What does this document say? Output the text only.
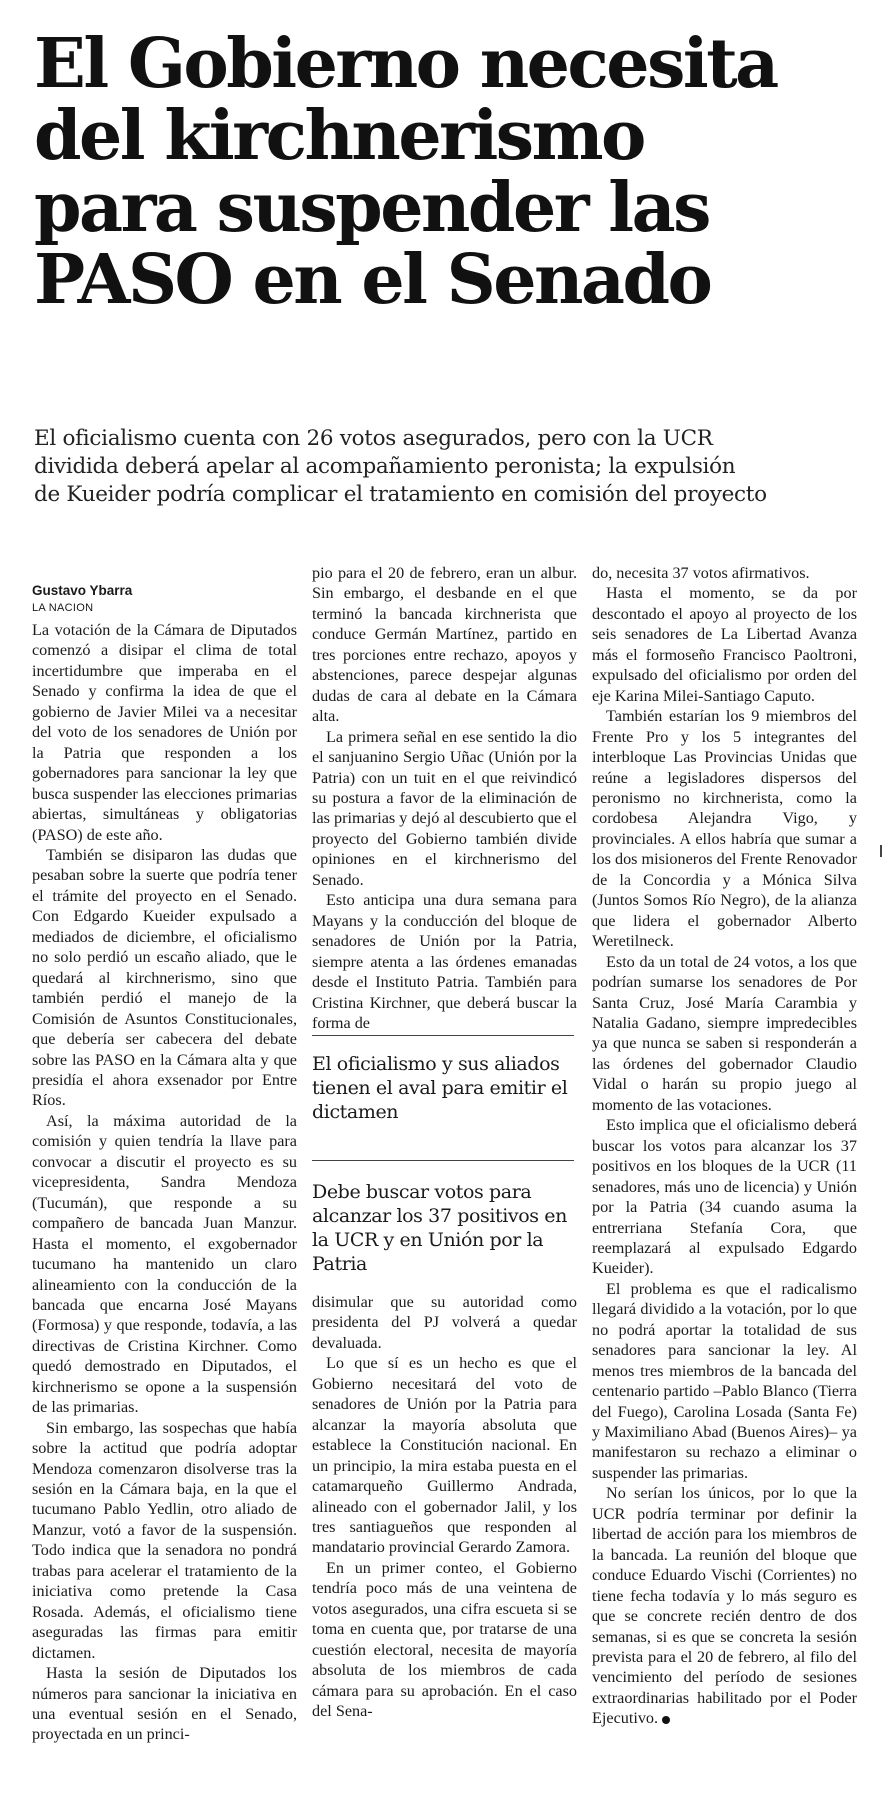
El Gobierno necesita
del kirchnerismo
para suspender las
PASO en el Senado
El oficialismo cuenta con 26 votos asegurados, pero con la UCR
dividida deberá apelar al acompañamiento peronista; la expulsión
de Kueider podría complicar el tratamiento en comisión del proyecto

Gustavo Ybarra

LA NACION

La votación de la Cámara de Diputados comenzó a disipar el clima de total incertidumbre que imperaba en el Senado y confirma la idea de que el gobierno de Javier Milei va a necesitar del voto de los senadores de Unión por la Patria que responden a los gobernadores para sancionar la ley que busca suspender las elecciones primarias abiertas, simultáneas y obligatorias (PASO) de este año.

También se disiparon las dudas que pesaban sobre la suerte que podría tener el trámite del proyecto en el Senado. Con Edgardo Kueider expulsado a mediados de diciembre, el oficialismo no solo perdió un escaño aliado, que le quedará al kirchnerismo, sino que también perdió el manejo de la Comisión de Asuntos Constitucionales, que debería ser cabecera del debate sobre las PASO en la Cámara alta y que presidía el ahora exsenador por Entre Ríos.

Así, la máxima autoridad de la comisión y quien tendría la llave para convocar a discutir el proyecto es su vicepresidenta, Sandra Mendoza (Tucumán), que responde a su compañero de bancada Juan Manzur. Hasta el momento, el exgobernador tucumano ha mantenido un claro alineamiento con la conducción de la bancada que encarna José Mayans (Formosa) y que responde, todavía, a las directivas de Cristina Kirchner. Como quedó demostrado en Diputados, el kirchnerismo se opone a la suspensión de las primarias.

Sin embargo, las sospechas que había sobre la actitud que podría adoptar Mendoza comenzaron disolverse tras la sesión en la Cámara baja, en la que el tucumano Pablo Yedlin, otro aliado de Manzur, votó a favor de la suspensión. Todo indica que la senadora no pondrá trabas para acelerar el tratamiento de la iniciativa como pretende la Casa Rosada. Además, el oficialismo tiene aseguradas las firmas para emitir dictamen.

Hasta la sesión de Diputados los números para sancionar la iniciativa en una eventual sesión en el Senado, proyectada en un princi-

pio para el 20 de febrero, eran un albur. Sin embargo, el desbande en el que terminó la bancada kirchnerista que conduce Germán Martínez, partido en tres porciones entre rechazo, apoyos y abstenciones, parece despejar algunas dudas de cara al debate en la Cámara alta.

La primera señal en ese sentido la dio el sanjuanino Sergio Uñac (Unión por la Patria) con un tuit en el que reivindicó su postura a favor de la eliminación de las primarias y dejó al descubierto que el proyecto del Gobierno también divide opiniones en el kirchnerismo del Senado.

Esto anticipa una dura semana para Mayans y la conducción del bloque de senadores de Unión por la Patria, siempre atenta a las órdenes emanadas desde el Instituto Patria. También para Cristina Kirchner, que deberá buscar la forma de

El oficialismo y sus aliados tienen el aval para emitir el dictamen
Debe buscar votos para alcanzar los 37 positivos en la UCR y en Unión por la Patria

disimular que su autoridad como presidenta del PJ volverá a quedar devaluada.

Lo que sí es un hecho es que el Gobierno necesitará del voto de senadores de Unión por la Patria para alcanzar la mayoría absoluta que establece la Constitución nacional. En un principio, la mira estaba puesta en el catamarqueño Guillermo Andrada, alineado con el gobernador Jalil, y los tres santiagueños que responden al mandatario provincial Gerardo Zamora.

En un primer conteo, el Gobierno tendría poco más de una veintena de votos asegurados, una cifra escueta si se toma en cuenta que, por tratarse de una cuestión electoral, necesita de mayoría absoluta de los miembros de cada cámara para su aprobación. En el caso del Sena-

do, necesita 37 votos afirmativos.

Hasta el momento, se da por descontado el apoyo al proyecto de los seis senadores de La Libertad Avanza más el formoseño Francisco Paoltroni, expulsado del oficialismo por orden del eje Karina Milei-Santiago Caputo.

También estarían los 9 miembros del Frente Pro y los 5 integrantes del interbloque Las Provincias Unidas que reúne a legisladores dispersos del peronismo no kirchnerista, como la cordobesa Alejandra Vigo, y provinciales. A ellos habría que sumar a los dos misioneros del Frente Renovador de la Concordia y a Mónica Silva (Juntos Somos Río Negro), de la alianza que lidera el gobernador Alberto Weretilneck.

Esto da un total de 24 votos, a los que podrían sumarse los senadores de Por Santa Cruz, José María Carambia y Natalia Gadano, siempre impredecibles ya que nunca se saben si responderán a las órdenes del gobernador Claudio Vidal o harán su propio juego al momento de las votaciones.

Esto implica que el oficialismo deberá buscar los votos para alcanzar los 37 positivos en los bloques de la UCR (11 senadores, más uno de licencia) y Unión por la Patria (34 cuando asuma la entrerriana Stefanía Cora, que reemplazará al expulsado Edgardo Kueider).

El problema es que el radicalismo llegará dividido a la votación, por lo que no podrá aportar la totalidad de sus senadores para sancionar la ley. Al menos tres miembros de la bancada del centenario partido –Pablo Blanco (Tierra del Fuego), Carolina Losada (Santa Fe) y Maximiliano Abad (Buenos Aires)– ya manifestaron su rechazo a eliminar o suspender las primarias.

No serían los únicos, por lo que la UCR podría terminar por definir la libertad de acción para los miembros de la bancada. La reunión del bloque que conduce Eduardo Vischi (Corrientes) no tiene fecha todavía y lo más seguro es que se concrete recién dentro de dos semanas, si es que se concreta la sesión prevista para el 20 de febrero, al filo del vencimiento del período de sesiones extraordinarias habilitado por el Poder Ejecutivo.
